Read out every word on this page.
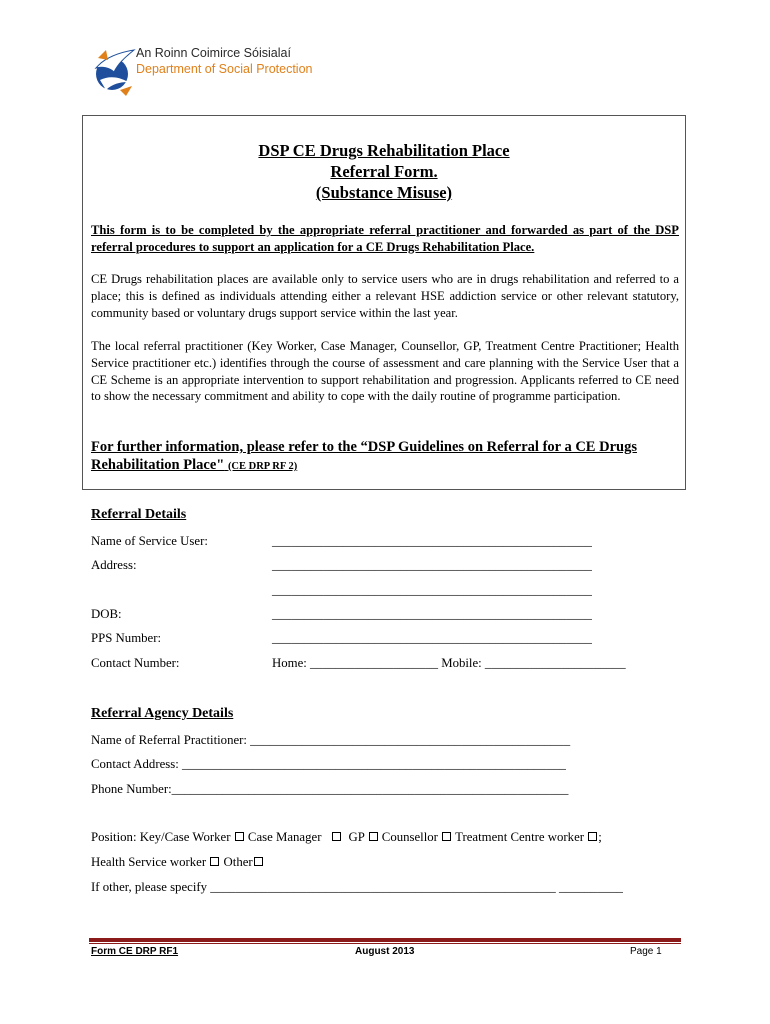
An Roinn Coimirce Sóisialaí
Department of Social Protection
DSP CE Drugs Rehabilitation Place
Referral Form.
(Substance Misuse)
This form is to be completed by the appropriate referral practitioner and forwarded as part of the DSP referral procedures to support an application for a CE Drugs Rehabilitation Place.
CE Drugs rehabilitation places are available only to service users who are in drugs rehabilitation and referred to a place; this is defined as individuals attending either a relevant HSE addiction service or other relevant statutory, community based or voluntary drugs support service within the last year.
The local referral practitioner (Key Worker, Case Manager, Counsellor, GP, Treatment Centre Practitioner; Health Service practitioner etc.) identifies through the course of assessment and care planning with the Service User that a CE Scheme is an appropriate intervention to support rehabilitation and progression. Applicants referred to CE need to show the necessary commitment and ability to cope with the daily routine of programme participation.
For further information, please refer to the “DSP Guidelines on Referral for a CE Drugs Rehabilitation Place" (CE DRP RF 2)
Referral Details
Name of Service User:	__________________________________________________
Address:	__________________________________________________
__________________________________________________
DOB:	__________________________________________________
PPS Number:	__________________________________________________
Contact Number:	Home: ____________________ Mobile: ______________________
Referral Agency Details
Name of Referral Practitioner: __________________________________________________
Contact Address: ____________________________________________________________
Phone Number:______________________________________________________________
Position: Key/Case Worker Case Manager GP Counsellor Treatment Centre worker ;
Health Service worker Other
If other, please specify ______________________________________________________ __________
Form CE DRP RF1	August 2013	Page 1
